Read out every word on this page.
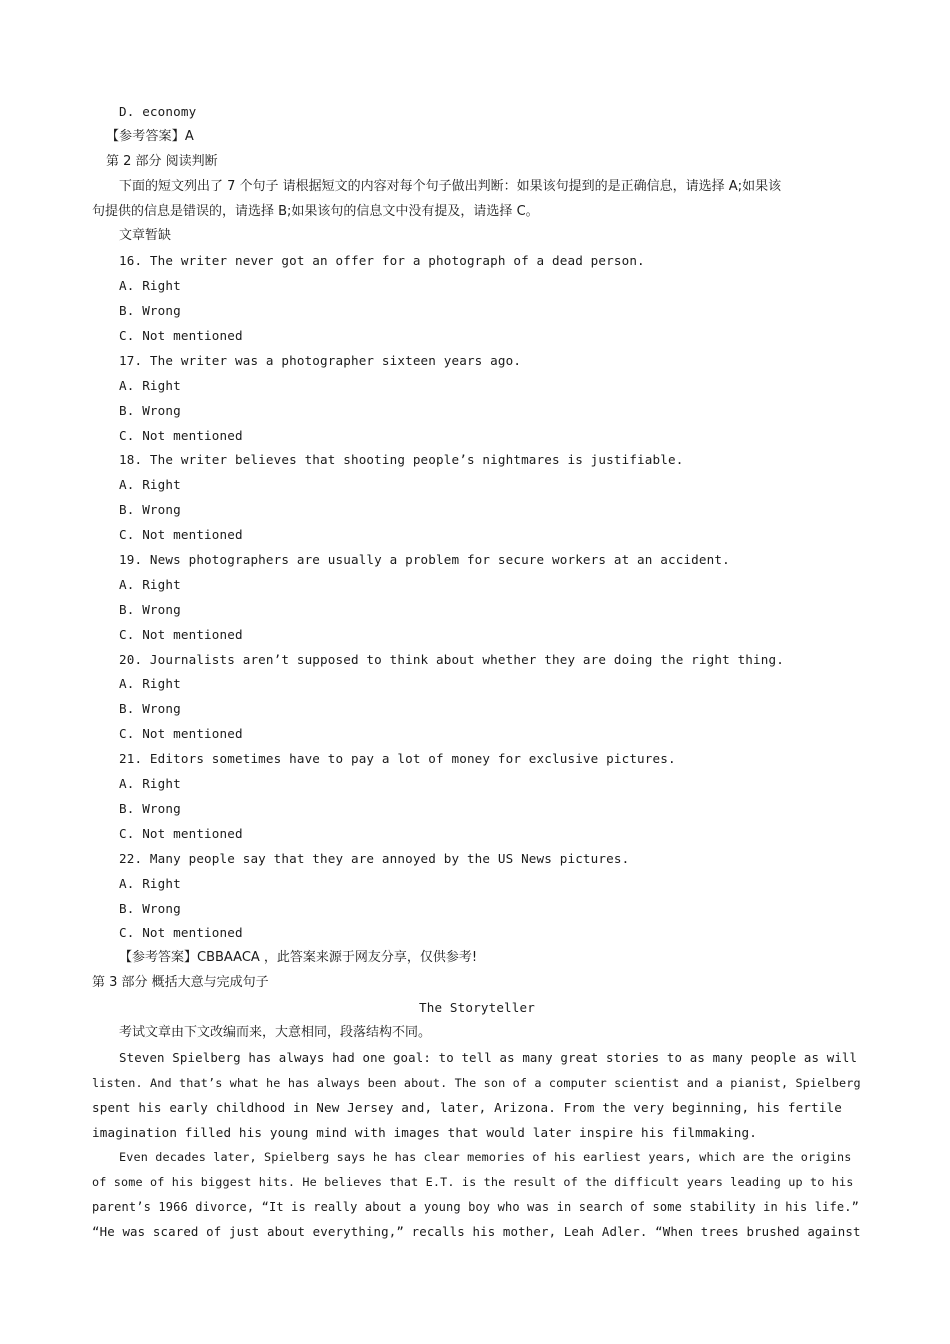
D. economy
【参考答案】A
第 2 部分 阅读判断
下面的短文列出了 7 个句子 请根据短文的内容对每个句子做出判断：如果该句提到的是正确信息，请选择 A;如果该
句提供的信息是错误的，请选择 B;如果该句的信息文中没有提及，请选择 C。
文章暂缺
16. The writer never got an offer for a photograph of a dead person.
A. Right
B. Wrong
C. Not mentioned
17. The writer was a photographer sixteen years ago.
A. Right
B. Wrong
C. Not mentioned
18. The writer believes that shooting people’s nightmares is justifiable.
A. Right
B. Wrong
C. Not mentioned
19. News photographers are usually a problem for secure workers at an accident.
A. Right
B. Wrong
C. Not mentioned
20. Journalists aren’t supposed to think about whether they are doing the right thing.
A. Right
B. Wrong
C. Not mentioned
21. Editors sometimes have to pay a lot of money for exclusive pictures.
A. Right
B. Wrong
C. Not mentioned
22. Many people say that they are annoyed by the US News pictures.
A. Right
B. Wrong
C. Not mentioned
【参考答案】CBBAACA ，此答案来源于网友分享，仅供参考!
第 3 部分 概括大意与完成句子
The Storyteller
考试文章由下文改编而来，大意相同，段落结构不同。
Steven Spielberg has always had one goal: to tell as many great stories to as many people as will
listen. And that’s what he has always been about. The son of a computer scientist and a pianist, Spielberg
spent his early childhood in New Jersey and, later, Arizona. From the very beginning, his fertile
imagination filled his young mind with images that would later inspire his filmmaking.
Even decades later, Spielberg says he has clear memories of his earliest years, which are the origins
of some of his biggest hits. He believes that E.T. is the result of the difficult years leading up to his
parent’s 1966 divorce, “It is really about a young boy who was in search of some stability in his life.”
“He was scared of just about everything,” recalls his mother, Leah Adler. “When trees brushed against
